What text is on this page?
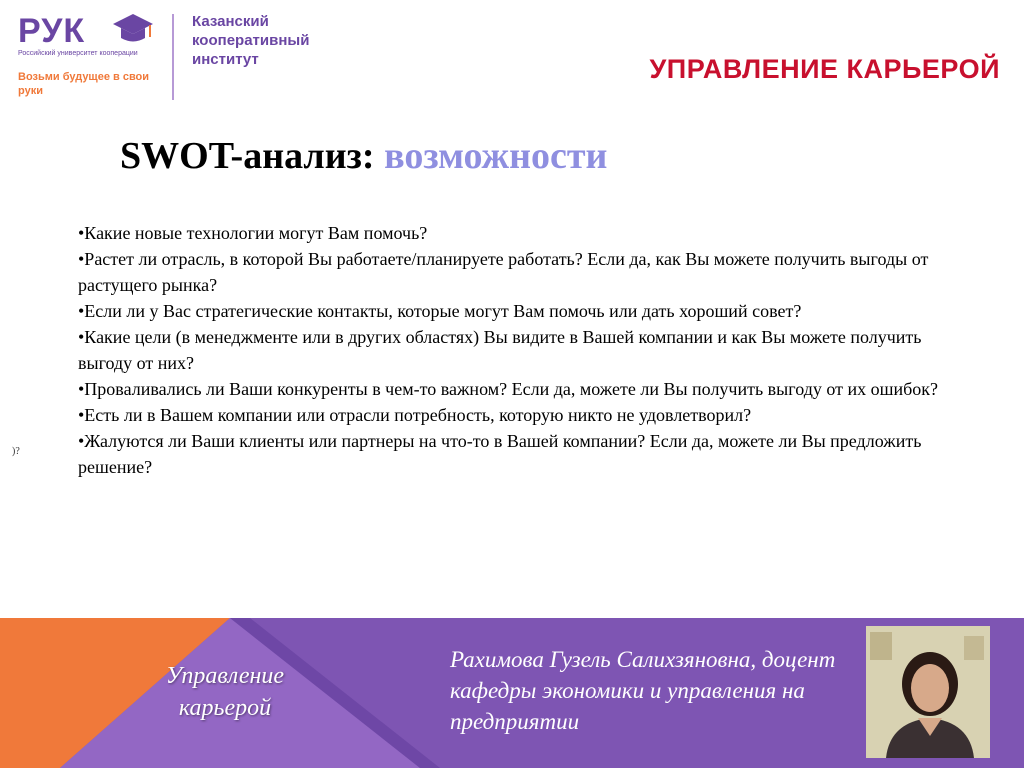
РУК
Российский университет кооперации
Возьми будущее в свои руки
Казанский кооперативный институт	УПРАВЛЕНИЕ КАРЬЕРОЙ
SWOT-анализ: возможности
•Какие новые технологии могут Вам помочь?
•Растет ли отрасль, в которой Вы работаете/планируете работать? Если да, как Вы можете получить выгоды от растущего рынка?
•Если ли у Вас стратегические контакты, которые могут Вам помочь или дать хороший совет?
•Какие цели (в менеджменте или в других областях) Вы видите в Вашей компании и как Вы можете получить выгоду от них?
•Проваливались ли Ваши конкуренты в чем-то важном? Если да, можете ли Вы получить выгоду от их ошибок?
•Есть ли в Вашем компании или отрасли потребность, которую никто не удовлетворил?
•Жалуются ли Ваши клиенты или партнеры на что-то в Вашей компании? Если да, можете ли Вы предложить решение?
)?
Управление карьерой
Рахимова Гузель Салихзяновна, доцент кафедры экономики и управления на предприятии
